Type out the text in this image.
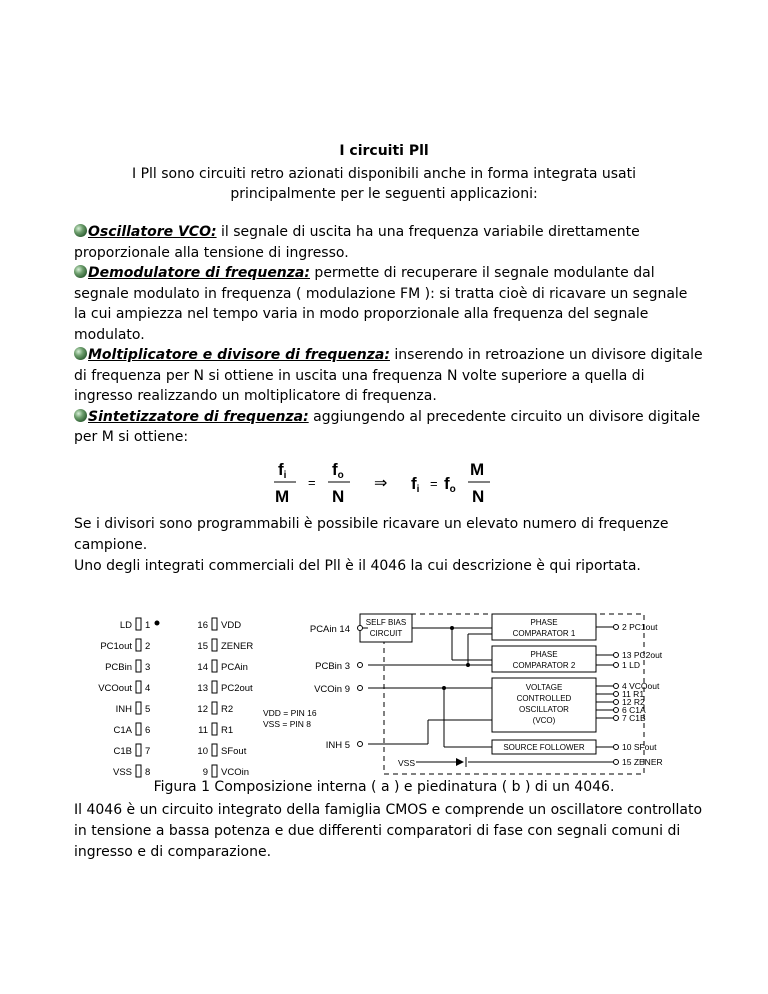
I circuiti Pll
I Pll sono circuiti retro azionati disponibili anche in forma integrata usati principalmente per le seguenti applicazioni:

Oscillatore VCO: il segnale di uscita ha una frequenza variabile direttamente proporzionale alla tensione di ingresso.

Demodulatore di frequenza: permette di recuperare il segnale modulante dal segnale modulato in frequenza ( modulazione FM ): si tratta cioè di ricavare un segnale la cui ampiezza nel tempo varia in modo proporzionale alla frequenza del segnale modulato.

Moltiplicatore e divisore di frequenza: inserendo in retroazione un divisore digitale di frequenza per N si ottiene in uscita una frequenza N volte superiore a quella di ingresso realizzando un moltiplicatore di frequenza.

Sintetizzatore di frequenza: aggiungendo al precedente circuito un divisore digitale per M si ottiene:

fi
M
=
fo
N
⇒ fi = fo
M
N
Se i divisori sono programmabili è possibile ricavare un elevato numero di frequenze campione.
Uno degli integrati commerciali del Pll è il 4046 la cui descrizione è qui riportata.
LD 1
PC1out 2
PCBin 3
VCOout 4
INH 5
C1A 6
C1B 7
VSS 8
16 VDD
15 ZENER
14 PCAin
13 PC2out
12 R2
11 R1
10 SFout
9 VCOin
VDD = PIN 16
VSS = PIN 8
SELF BIAS
CIRCUIT
PHASE
COMPARATOR 1
PHASE
COMPARATOR 2
VOLTAGE
CONTROLLED
OSCILLATOR
(VCO)
SOURCE FOLLOWER
VSS
PCAin 14
PCBin 3
VCOin 9
INH 5
2 PC1out
13 PC2out
1 LD
4 VCOout
11 R1
12 R2
6 C1A
7 C1B
10 SFout
15 ZENER
Figura 1 Composizione interna ( a ) e piedinatura ( b ) di un 4046.
Il 4046 è un circuito integrato della famiglia CMOS e comprende un oscillatore controllato in tensione a bassa potenza e due differenti comparatori di fase con segnali comuni di ingresso e di comparazione.
